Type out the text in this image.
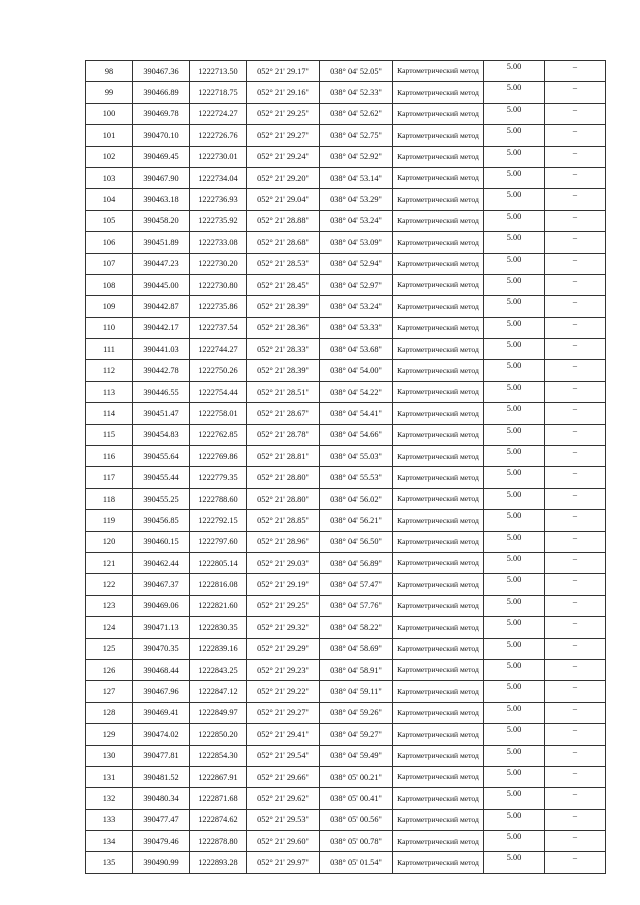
98	390467.36	1222713.50	052° 21' 29.17"	038° 04' 52.05"	Картометрический метод	5.00	–
99	390466.89	1222718.75	052° 21' 29.16"	038° 04' 52.33"	Картометрический метод	5.00	–
100	390469.78	1222724.27	052° 21' 29.25"	038° 04' 52.62"	Картометрический метод	5.00	–
101	390470.10	1222726.76	052° 21' 29.27"	038° 04' 52.75"	Картометрический метод	5.00	–
102	390469.45	1222730.01	052° 21' 29.24"	038° 04' 52.92"	Картометрический метод	5.00	–
103	390467.90	1222734.04	052° 21' 29.20"	038° 04' 53.14"	Картометрический метод	5.00	–
104	390463.18	1222736.93	052° 21' 29.04"	038° 04' 53.29"	Картометрический метод	5.00	–
105	390458.20	1222735.92	052° 21' 28.88"	038° 04' 53.24"	Картометрический метод	5.00	–
106	390451.89	1222733.08	052° 21' 28.68"	038° 04' 53.09"	Картометрический метод	5.00	–
107	390447.23	1222730.20	052° 21' 28.53"	038° 04' 52.94"	Картометрический метод	5.00	–
108	390445.00	1222730.80	052° 21' 28.45"	038° 04' 52.97"	Картометрический метод	5.00	–
109	390442.87	1222735.86	052° 21' 28.39"	038° 04' 53.24"	Картометрический метод	5.00	–
110	390442.17	1222737.54	052° 21' 28.36"	038° 04' 53.33"	Картометрический метод	5.00	–
111	390441.03	1222744.27	052° 21' 28.33"	038° 04' 53.68"	Картометрический метод	5.00	–
112	390442.78	1222750.26	052° 21' 28.39"	038° 04' 54.00"	Картометрический метод	5.00	–
113	390446.55	1222754.44	052° 21' 28.51"	038° 04' 54.22"	Картометрический метод	5.00	–
114	390451.47	1222758.01	052° 21' 28.67"	038° 04' 54.41"	Картометрический метод	5.00	–
115	390454.83	1222762.85	052° 21' 28.78"	038° 04' 54.66"	Картометрический метод	5.00	–
116	390455.64	1222769.86	052° 21' 28.81"	038° 04' 55.03"	Картометрический метод	5.00	–
117	390455.44	1222779.35	052° 21' 28.80"	038° 04' 55.53"	Картометрический метод	5.00	–
118	390455.25	1222788.60	052° 21' 28.80"	038° 04' 56.02"	Картометрический метод	5.00	–
119	390456.85	1222792.15	052° 21' 28.85"	038° 04' 56.21"	Картометрический метод	5.00	–
120	390460.15	1222797.60	052° 21' 28.96"	038° 04' 56.50"	Картометрический метод	5.00	–
121	390462.44	1222805.14	052° 21' 29.03"	038° 04' 56.89"	Картометрический метод	5.00	–
122	390467.37	1222816.08	052° 21' 29.19"	038° 04' 57.47"	Картометрический метод	5.00	–
123	390469.06	1222821.60	052° 21' 29.25"	038° 04' 57.76"	Картометрический метод	5.00	–
124	390471.13	1222830.35	052° 21' 29.32"	038° 04' 58.22"	Картометрический метод	5.00	–
125	390470.35	1222839.16	052° 21' 29.29"	038° 04' 58.69"	Картометрический метод	5.00	–
126	390468.44	1222843.25	052° 21' 29.23"	038° 04' 58.91"	Картометрический метод	5.00	–
127	390467.96	1222847.12	052° 21' 29.22"	038° 04' 59.11"	Картометрический метод	5.00	–
128	390469.41	1222849.97	052° 21' 29.27"	038° 04' 59.26"	Картометрический метод	5.00	–
129	390474.02	1222850.20	052° 21' 29.41"	038° 04' 59.27"	Картометрический метод	5.00	–
130	390477.81	1222854.30	052° 21' 29.54"	038° 04' 59.49"	Картометрический метод	5.00	–
131	390481.52	1222867.91	052° 21' 29.66"	038° 05' 00.21"	Картометрический метод	5.00	–
132	390480.34	1222871.68	052° 21' 29.62"	038° 05' 00.41"	Картометрический метод	5.00	–
133	390477.47	1222874.62	052° 21' 29.53"	038° 05' 00.56"	Картометрический метод	5.00	–
134	390479.46	1222878.80	052° 21' 29.60"	038° 05' 00.78"	Картометрический метод	5.00	–
135	390490.99	1222893.28	052° 21' 29.97"	038° 05' 01.54"	Картометрический метод	5.00	–
